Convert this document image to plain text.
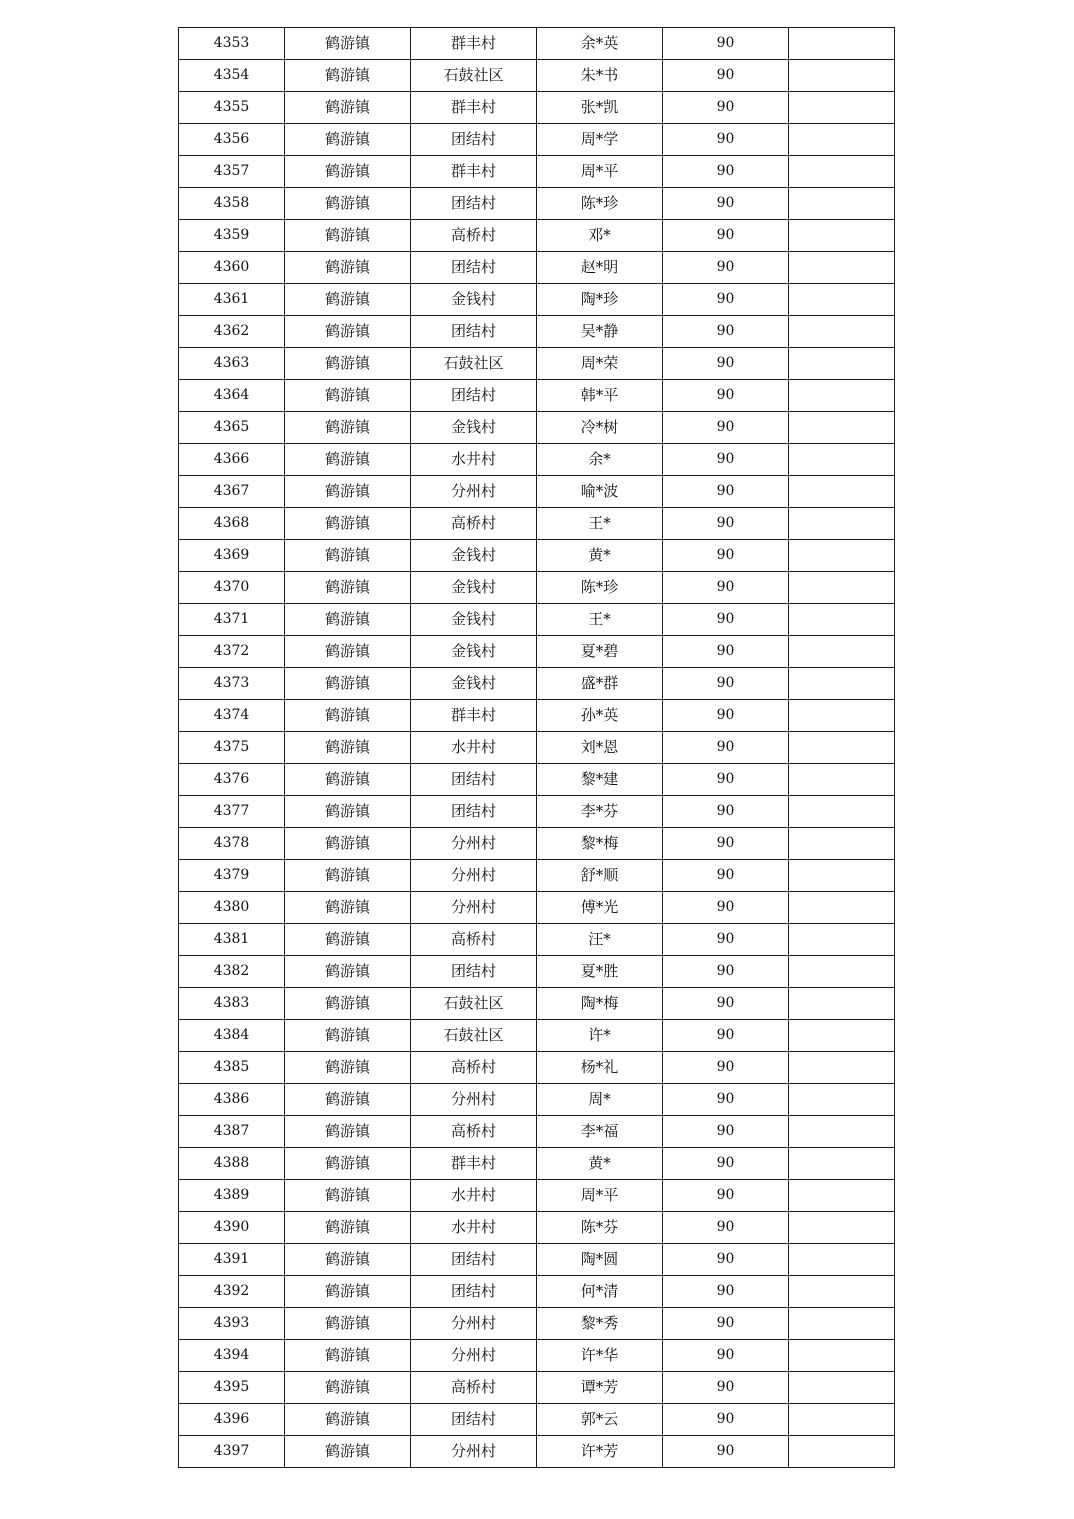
4353	鹤游镇	群丰村	余*英	90	
4354	鹤游镇	石鼓社区	朱*书	90	
4355	鹤游镇	群丰村	张*凯	90	
4356	鹤游镇	团结村	周*学	90	
4357	鹤游镇	群丰村	周*平	90	
4358	鹤游镇	团结村	陈*珍	90	
4359	鹤游镇	高桥村	邓*	90	
4360	鹤游镇	团结村	赵*明	90	
4361	鹤游镇	金钱村	陶*珍	90	
4362	鹤游镇	团结村	吴*静	90	
4363	鹤游镇	石鼓社区	周*荣	90	
4364	鹤游镇	团结村	韩*平	90	
4365	鹤游镇	金钱村	冷*树	90	
4366	鹤游镇	水井村	余*	90	
4367	鹤游镇	分州村	喻*波	90	
4368	鹤游镇	高桥村	王*	90	
4369	鹤游镇	金钱村	黄*	90	
4370	鹤游镇	金钱村	陈*珍	90	
4371	鹤游镇	金钱村	王*	90	
4372	鹤游镇	金钱村	夏*碧	90	
4373	鹤游镇	金钱村	盛*群	90	
4374	鹤游镇	群丰村	孙*英	90	
4375	鹤游镇	水井村	刘*恩	90	
4376	鹤游镇	团结村	黎*建	90	
4377	鹤游镇	团结村	李*芬	90	
4378	鹤游镇	分州村	黎*梅	90	
4379	鹤游镇	分州村	舒*顺	90	
4380	鹤游镇	分州村	傅*光	90	
4381	鹤游镇	高桥村	汪*	90	
4382	鹤游镇	团结村	夏*胜	90	
4383	鹤游镇	石鼓社区	陶*梅	90	
4384	鹤游镇	石鼓社区	许*	90	
4385	鹤游镇	高桥村	杨*礼	90	
4386	鹤游镇	分州村	周*	90	
4387	鹤游镇	高桥村	李*福	90	
4388	鹤游镇	群丰村	黄*	90	
4389	鹤游镇	水井村	周*平	90	
4390	鹤游镇	水井村	陈*芬	90	
4391	鹤游镇	团结村	陶*圆	90	
4392	鹤游镇	团结村	何*清	90	
4393	鹤游镇	分州村	黎*秀	90	
4394	鹤游镇	分州村	许*华	90	
4395	鹤游镇	高桥村	谭*芳	90	
4396	鹤游镇	团结村	郭*云	90	
4397	鹤游镇	分州村	许*芳	90	
